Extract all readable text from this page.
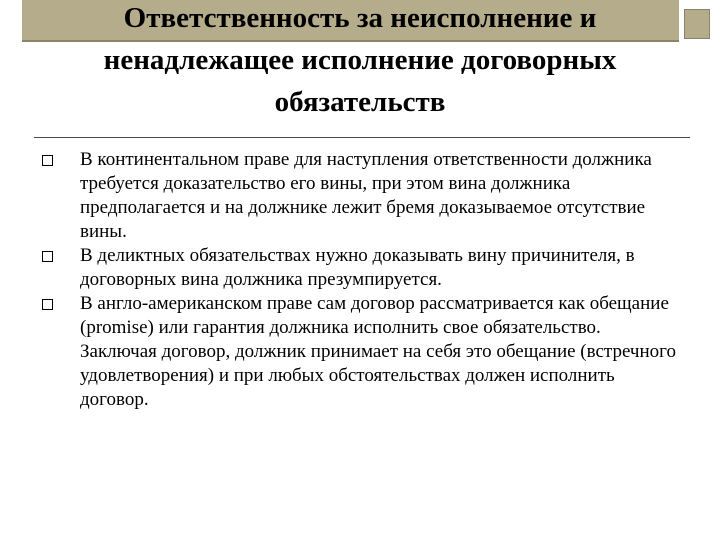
Ответственность за неисполнение и
ненадлежащее исполнение договорных
обязательств
В континентальном праве для наступления ответственности должника требуется доказательство его вины, при этом вина должника предполагается и на должнике лежит бремя доказываемое отсутствие вины.
В деликтных обязательствах нужно доказывать вину причинителя, в договорных вина должника презумпируется.
В англо-американском праве сам договор рассматривается как обещание (promise) или гарантия должника исполнить свое обязательство. Заключая договор, должник принимает на себя это обещание (встречного удовлетворения) и при любых обстоятельствах должен исполнить договор.
